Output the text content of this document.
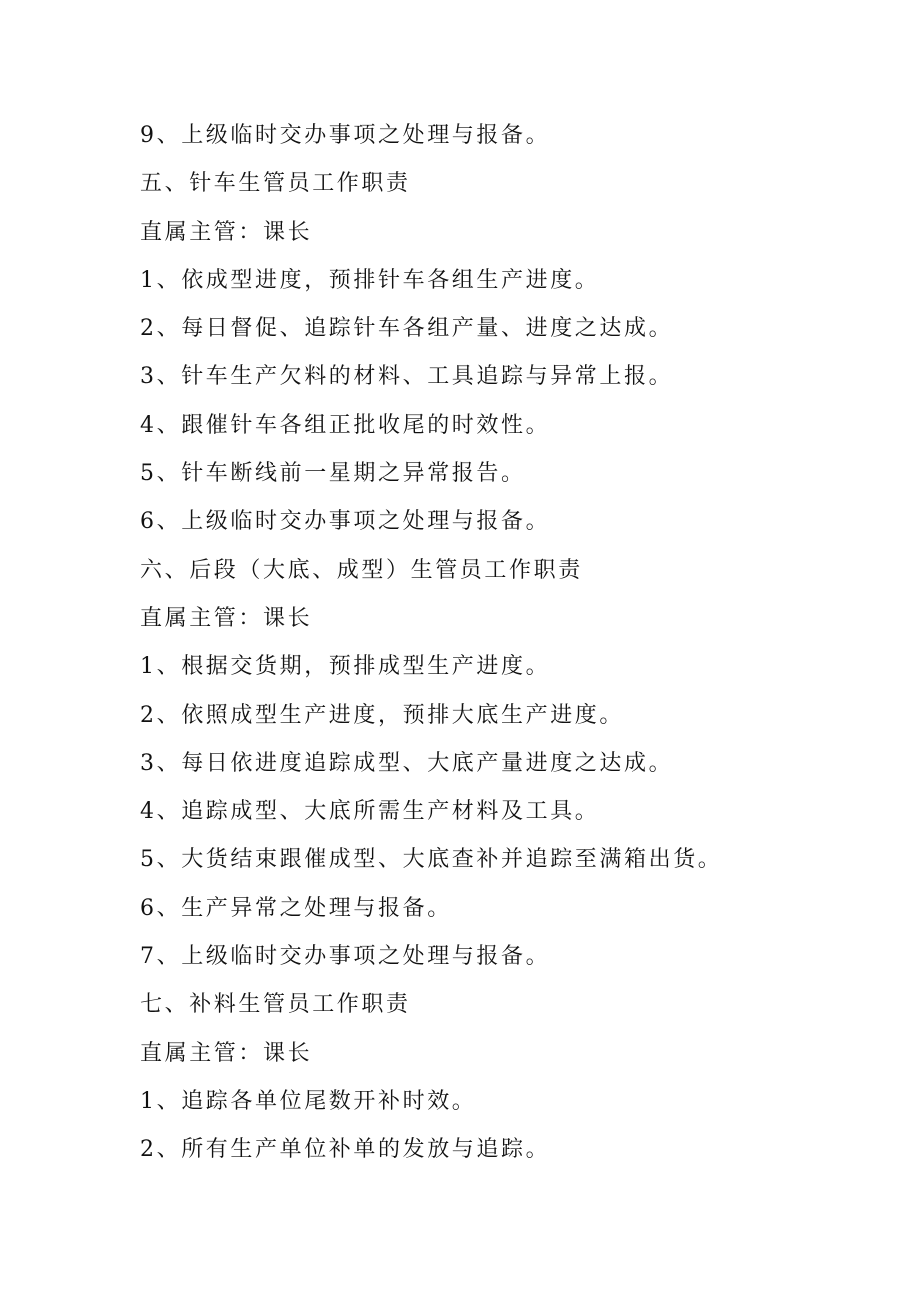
9、上级临时交办事项之处理与报备。
五、针车生管员工作职责
直属主管：课长
1、依成型进度，预排针车各组生产进度。
2、每日督促、追踪针车各组产量、进度之达成。
3、针车生产欠料的材料、工具追踪与异常上报。
4、跟催针车各组正批收尾的时效性。
5、针车断线前一星期之异常报告。
6、上级临时交办事项之处理与报备。
六、后段（大底、成型）生管员工作职责
直属主管：课长
1、根据交货期，预排成型生产进度。
2、依照成型生产进度，预排大底生产进度。
3、每日依进度追踪成型、大底产量进度之达成。
4、追踪成型、大底所需生产材料及工具。
5、大货结束跟催成型、大底查补并追踪至满箱出货。
6、生产异常之处理与报备。
7、上级临时交办事项之处理与报备。
七、补料生管员工作职责
直属主管：课长
1、追踪各单位尾数开补时效。
2、所有生产单位补单的发放与追踪。
